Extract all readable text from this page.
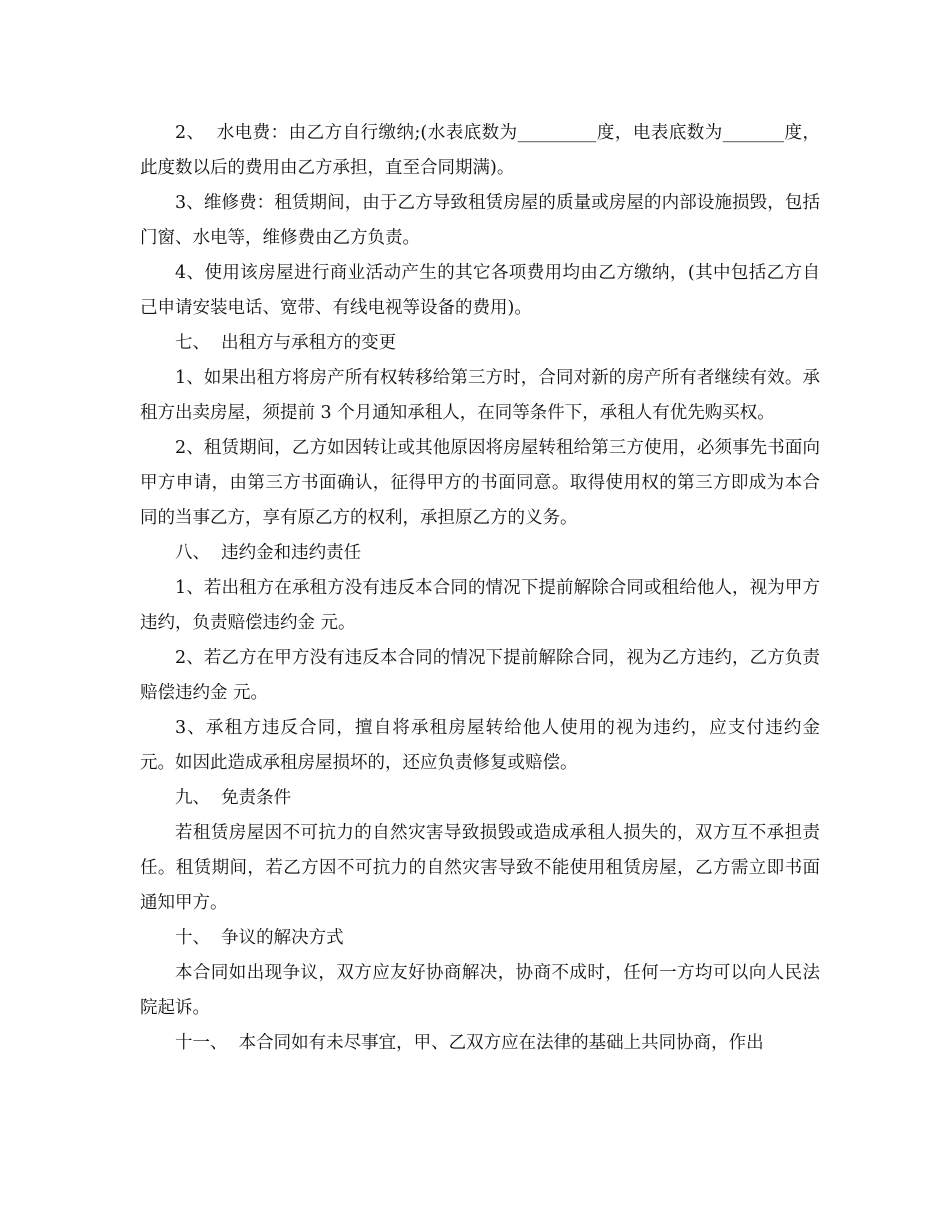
2、  水电费：由乙方自行缴纳;(水表底数为_________度，电表底数为_______度，此度数以后的费用由乙方承担，直至合同期满)。

3、维修费：租赁期间，由于乙方导致租赁房屋的质量或房屋的内部设施损毁，包括门窗、水电等，维修费由乙方负责。

4、使用该房屋进行商业活动产生的其它各项费用均由乙方缴纳，(其中包括乙方自己申请安装电话、宽带、有线电视等设备的费用)。

七、  出租方与承租方的变更

1、如果出租方将房产所有权转移给第三方时，合同对新的房产所有者继续有效。承租方出卖房屋，须提前 3 个月通知承租人，在同等条件下，承租人有优先购买权。

2、租赁期间，乙方如因转让或其他原因将房屋转租给第三方使用，必须事先书面向甲方申请，由第三方书面确认，征得甲方的书面同意。取得使用权的第三方即成为本合同的当事乙方，享有原乙方的权利，承担原乙方的义务。

八、  违约金和违约责任

1、若出租方在承租方没有违反本合同的情况下提前解除合同或租给他人，视为甲方违约，负责赔偿违约金 元。

2、若乙方在甲方没有违反本合同的情况下提前解除合同，视为乙方违约，乙方负责赔偿违约金 元。

3、承租方违反合同，擅自将承租房屋转给他人使用的视为违约，应支付违约金 元。如因此造成承租房屋损坏的，还应负责修复或赔偿。

九、  免责条件

若租赁房屋因不可抗力的自然灾害导致损毁或造成承租人损失的，双方互不承担责任。租赁期间，若乙方因不可抗力的自然灾害导致不能使用租赁房屋，乙方需立即书面通知甲方。

十、  争议的解决方式

本合同如出现争议，双方应友好协商解决，协商不成时，任何一方均可以向人民法院起诉。

十一、  本合同如有未尽事宜，甲、乙双方应在法律的基础上共同协商，作出
